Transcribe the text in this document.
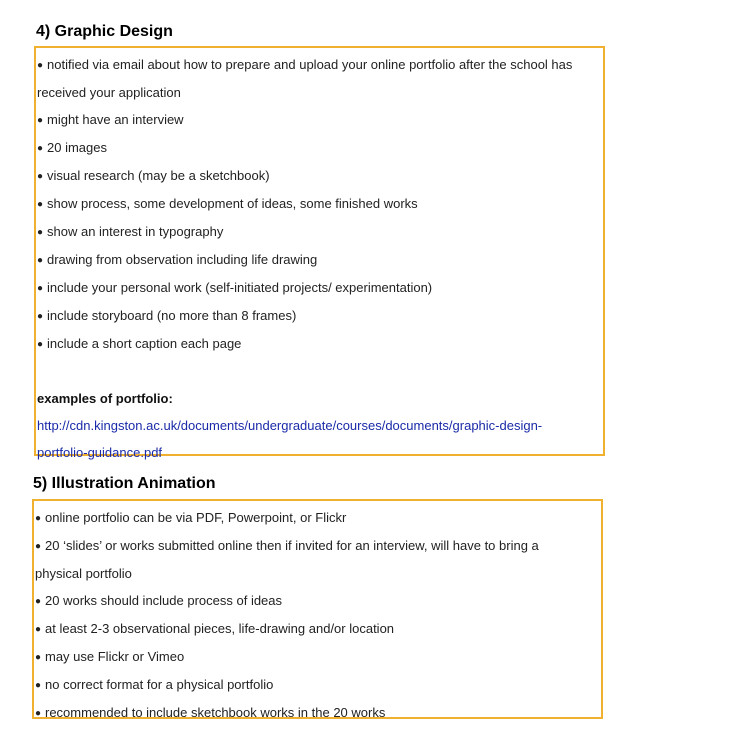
4) Graphic Design
● notified via email about how to prepare and upload your online portfolio after the school has
received your application
● might have an interview
● 20 images
● visual research (may be a sketchbook)
● show process, some development of ideas, some finished works
● show an interest in typography
● drawing from observation including life drawing
● include your personal work (self-initiated projects/ experimentation)
● include storyboard (no more than 8 frames)
● include a short caption each page
examples of portfolio:
http://cdn.kingston.ac.uk/documents/undergraduate/courses/documents/graphic-design-
portfolio-guidance.pdf
5) Illustration Animation
● online portfolio can be via PDF, Powerpoint, or Flickr
● 20 ‘slides’ or works submitted online then if invited for an interview, will have to bring a
physical portfolio
● 20 works should include process of ideas
● at least 2-3 observational pieces, life-drawing and/or location
● may use Flickr or Vimeo
● no correct format for a physical portfolio
● recommended to include sketchbook works in the 20 works
